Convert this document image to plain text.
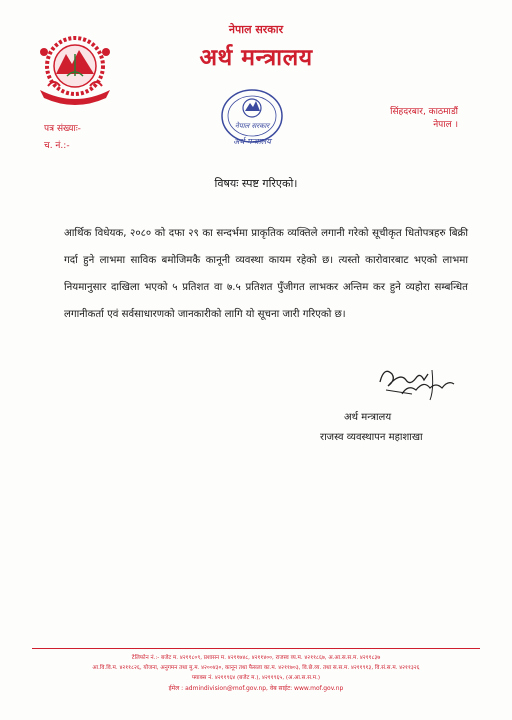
नेपाल सरकार
अर्थ मन्त्रालय
नेपाल सरकार
अर्थ मन्त्रालय
सिंहदरबार, काठमाडौं
नेपाल ।
पत्र संख्याः-
च. नं.:-
विषयः स्पष्ट गरिएको।
आर्थिक विधेयक, २०८० को दफा २९ का सन्दर्भमा प्राकृतिक व्यक्तिले लगानी गरेको सूचीकृत धितोपत्रहरु बिक्री गर्दा हुने लाभमा साविक बमोजिमकै कानूनी व्यवस्था कायम रहेको छ। त्यस्तो कारोवारबाट भएको लाभमा नियमानुसार दाखिला भएको ५ प्रतिशत वा ७.५ प्रतिशत पुँजीगत लाभकर अन्तिम कर हुने व्यहोरा सम्बन्धित लगानीकर्ता एवं सर्वसाधारणको जानकारीको लागि यो सूचना जारी गरिएको छ।
अर्थ मन्त्रालय
राजस्व व्यवस्थापन महाशाखा
टेलिफोन नं.:- बजेट म. ४२११८०९, प्रशासन म. ४२११७४८, ४२११४००, राजस्व व्य.म. ४२११८६७, अ.आ.स.स.म. ४२११८३७
आ.वि.वि.म. ४२११८२६, योजना, अनुगमन तथा मु.म. ४२००४३०, कानून तथा फैसला का.म. ४२११७०३, वि.छे.व्य. तथा स.स.म. ४२११९१३, वि.सं.स.म. ४२११३२६
फ्याक्स नं. ४२११९६४ (बजेट म.), ४२११९६५, (अ.आ.स.स.म.)
ईमेल : admindivision@mof.gov.np, वेब साईट: www.mof.gov.np
